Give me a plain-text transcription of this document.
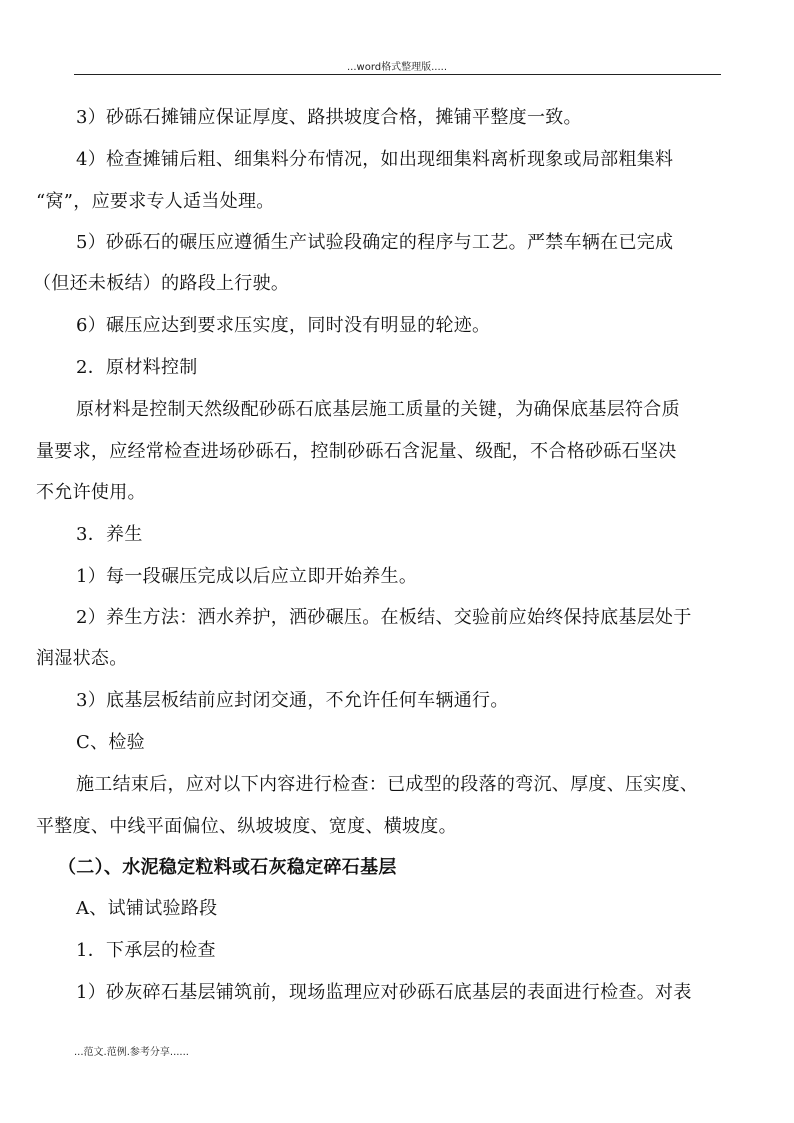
...word格式整理版.....
3）砂砾石摊铺应保证厚度、路拱坡度合格，摊铺平整度一致。
4）检查摊铺后粗、细集料分布情况，如出现细集料离析现象或局部粗集料
“窝”，应要求专人适当处理。
5）砂砾石的碾压应遵循生产试验段确定的程序与工艺。严禁车辆在已完成
（但还未板结）的路段上行驶。
6）碾压应达到要求压实度，同时没有明显的轮迹。
2．原材料控制
原材料是控制天然级配砂砾石底基层施工质量的关键，为确保底基层符合质
量要求，应经常检查进场砂砾石，控制砂砾石含泥量、级配，不合格砂砾石坚决
不允许使用。
3．养生
1）每一段碾压完成以后应立即开始养生。
2）养生方法：洒水养护，洒砂碾压。在板结、交验前应始终保持底基层处于
润湿状态。
3）底基层板结前应封闭交通，不允许任何车辆通行。
C、检验
施工结束后，应对以下内容进行检查：已成型的段落的弯沉、厚度、压实度、
平整度、中线平面偏位、纵坡坡度、宽度、横坡度。
（二）、水泥稳定粒料或石灰稳定碎石基层
A、试铺试验路段
1．下承层的检查
1）砂灰碎石基层铺筑前，现场监理应对砂砾石底基层的表面进行检查。对表
...范文.范例.参考分享......
